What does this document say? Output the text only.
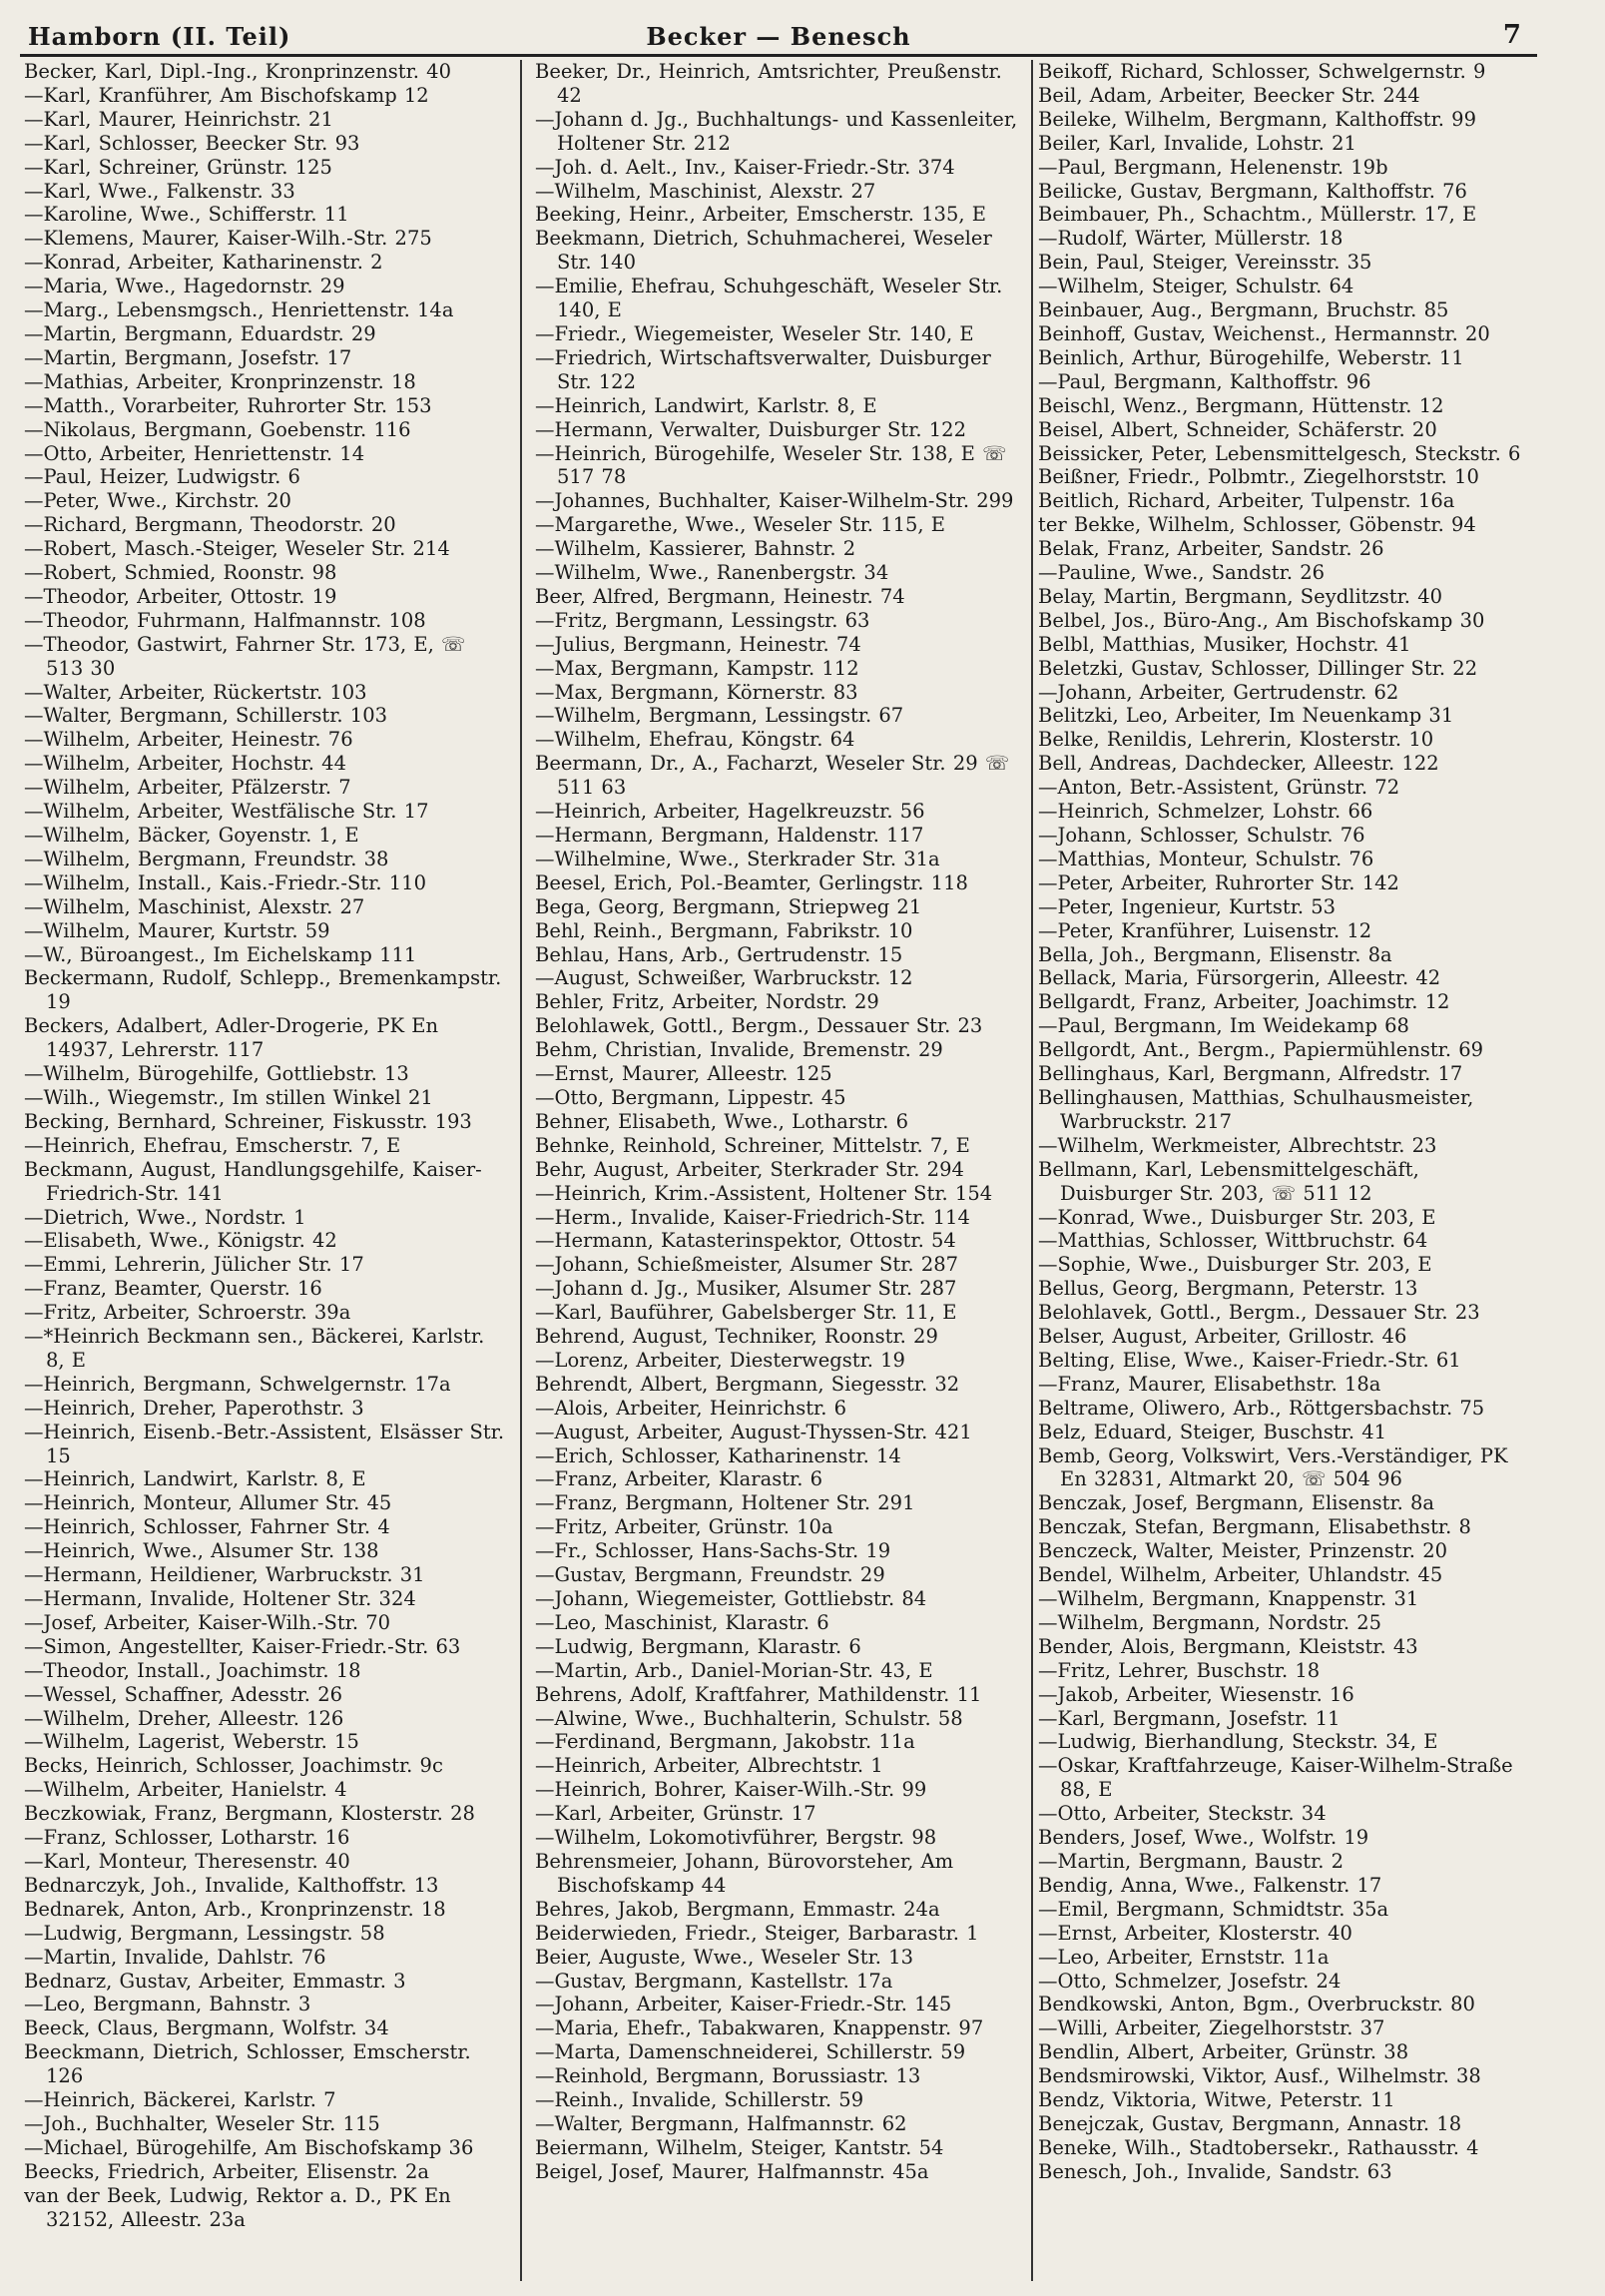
Hamborn (II. Teil)	Becker — Benesch	7
Becker, Karl, Dipl.-Ing., Kronprinzenstr. 40
—Karl, Kranführer, Am Bischofskamp 12
—Karl, Maurer, Heinrichstr. 21
—Karl, Schlosser, Beecker Str. 93
—Karl, Schreiner, Grünstr. 125
—Karl, Wwe., Falkenstr. 33
—Karoline, Wwe., Schifferstr. 11
—Klemens, Maurer, Kaiser-Wilh.-Str. 275
—Konrad, Arbeiter, Katharinenstr. 2
—Maria, Wwe., Hagedornstr. 29
—Marg., Lebensmgsch., Henriettenstr. 14a
—Martin, Bergmann, Eduardstr. 29
—Martin, Bergmann, Josefstr. 17
—Mathias, Arbeiter, Kronprinzenstr. 18
—Matth., Vorarbeiter, Ruhrorter Str. 153
—Nikolaus, Bergmann, Goebenstr. 116
—Otto, Arbeiter, Henriettenstr. 14
—Paul, Heizer, Ludwigstr. 6
—Peter, Wwe., Kirchstr. 20
—Richard, Bergmann, Theodorstr. 20
—Robert, Masch.-Steiger, Weseler Str. 214
—Robert, Schmied, Roonstr. 98
—Theodor, Arbeiter, Ottostr. 19
—Theodor, Fuhrmann, Halfmannstr. 108
—Theodor, Gastwirt, Fahrner Str. 173, E, ☏ 513 30
—Walter, Arbeiter, Rückertstr. 103
—Walter, Bergmann, Schillerstr. 103
—Wilhelm, Arbeiter, Heinestr. 76
—Wilhelm, Arbeiter, Hochstr. 44
—Wilhelm, Arbeiter, Pfälzerstr. 7
—Wilhelm, Arbeiter, Westfälische Str. 17
—Wilhelm, Bäcker, Goyenstr. 1, E
—Wilhelm, Bergmann, Freundstr. 38
—Wilhelm, Install., Kais.-Friedr.-Str. 110
—Wilhelm, Maschinist, Alexstr. 27
—Wilhelm, Maurer, Kurtstr. 59
—W., Büroangest., Im Eichelskamp 111
Beckermann, Rudolf, Schlepp., Bremenkampstr. 19
Beckers, Adalbert, Adler-Drogerie, PK En 14937, Lehrerstr. 117
—Wilhelm, Bürogehilfe, Gottliebstr. 13
—Wilh., Wiegemstr., Im stillen Winkel 21
Becking, Bernhard, Schreiner, Fiskusstr. 193
—Heinrich, Ehefrau, Emscherstr. 7, E
Beckmann, August, Handlungsgehilfe, Kaiser-Friedrich-Str. 141
—Dietrich, Wwe., Nordstr. 1
—Elisabeth, Wwe., Königstr. 42
—Emmi, Lehrerin, Jülicher Str. 17
—Franz, Beamter, Querstr. 16
—Fritz, Arbeiter, Schroerstr. 39a
—*Heinrich Beckmann sen., Bäckerei, Karlstr. 8, E
—Heinrich, Bergmann, Schwelgernstr. 17a
—Heinrich, Dreher, Paperothstr. 3
—Heinrich, Eisenb.-Betr.-Assistent, Elsässer Str. 15
—Heinrich, Landwirt, Karlstr. 8, E
—Heinrich, Monteur, Allumer Str. 45
—Heinrich, Schlosser, Fahrner Str. 4
—Heinrich, Wwe., Alsumer Str. 138
—Hermann, Heildiener, Warbruckstr. 31
—Hermann, Invalide, Holtener Str. 324
—Josef, Arbeiter, Kaiser-Wilh.-Str. 70
—Simon, Angestellter, Kaiser-Friedr.-Str. 63
—Theodor, Install., Joachimstr. 18
—Wessel, Schaffner, Adesstr. 26
—Wilhelm, Dreher, Alleestr. 126
—Wilhelm, Lagerist, Weberstr. 15
Becks, Heinrich, Schlosser, Joachimstr. 9c
—Wilhelm, Arbeiter, Hanielstr. 4
Beczkowiak, Franz, Bergmann, Klosterstr. 28
—Franz, Schlosser, Lotharstr. 16
—Karl, Monteur, Theresenstr. 40
Bednarczyk, Joh., Invalide, Kalthoffstr. 13
Bednarek, Anton, Arb., Kronprinzenstr. 18
—Ludwig, Bergmann, Lessingstr. 58
—Martin, Invalide, Dahlstr. 76
Bednarz, Gustav, Arbeiter, Emmastr. 3
—Leo, Bergmann, Bahnstr. 3
Beeck, Claus, Bergmann, Wolfstr. 34
Beeckmann, Dietrich, Schlosser, Emscherstr. 126
—Heinrich, Bäckerei, Karlstr. 7
—Joh., Buchhalter, Weseler Str. 115
—Michael, Bürogehilfe, Am Bischofskamp 36
Beecks, Friedrich, Arbeiter, Elisenstr. 2a
van der Beek, Ludwig, Rektor a. D., PK En 32152, Alleestr. 23a
Beeker, Dr., Heinrich, Amtsrichter, Preußenstr. 42
—Johann d. Jg., Buchhaltungs- und Kassenleiter, Holtener Str. 212
—Joh. d. Aelt., Inv., Kaiser-Friedr.-Str. 374
—Wilhelm, Maschinist, Alexstr. 27
Beeking, Heinr., Arbeiter, Emscherstr. 135, E
Beekmann, Dietrich, Schuhmacherei, Weseler Str. 140
—Emilie, Ehefrau, Schuhgeschäft, Weseler Str. 140, E
—Friedr., Wiegemeister, Weseler Str. 140, E
—Friedrich, Wirtschaftsverwalter, Duisburger Str. 122
—Heinrich, Landwirt, Karlstr. 8, E
—Hermann, Verwalter, Duisburger Str. 122
—Heinrich, Bürogehilfe, Weseler Str. 138, E ☏ 517 78
—Johannes, Buchhalter, Kaiser-Wilhelm-Str. 299
—Margarethe, Wwe., Weseler Str. 115, E
—Wilhelm, Kassierer, Bahnstr. 2
—Wilhelm, Wwe., Ranenbergstr. 34
Beer, Alfred, Bergmann, Heinestr. 74
—Fritz, Bergmann, Lessingstr. 63
—Julius, Bergmann, Heinestr. 74
—Max, Bergmann, Kampstr. 112
—Max, Bergmann, Körnerstr. 83
—Wilhelm, Bergmann, Lessingstr. 67
—Wilhelm, Ehefrau, Köngstr. 64
Beermann, Dr., A., Facharzt, Weseler Str. 29 ☏ 511 63
—Heinrich, Arbeiter, Hagelkreuzstr. 56
—Hermann, Bergmann, Haldenstr. 117
—Wilhelmine, Wwe., Sterkrader Str. 31a
Beesel, Erich, Pol.-Beamter, Gerlingstr. 118
Bega, Georg, Bergmann, Striepweg 21
Behl, Reinh., Bergmann, Fabrikstr. 10
Behlau, Hans, Arb., Gertrudenstr. 15
—August, Schweißer, Warbruckstr. 12
Behler, Fritz, Arbeiter, Nordstr. 29
Belohlawek, Gottl., Bergm., Dessauer Str. 23
Behm, Christian, Invalide, Bremenstr. 29
—Ernst, Maurer, Alleestr. 125
—Otto, Bergmann, Lippestr. 45
Behner, Elisabeth, Wwe., Lotharstr. 6
Behnke, Reinhold, Schreiner, Mittelstr. 7, E
Behr, August, Arbeiter, Sterkrader Str. 294
—Heinrich, Krim.-Assistent, Holtener Str. 154
—Herm., Invalide, Kaiser-Friedrich-Str. 114
—Hermann, Katasterinspektor, Ottostr. 54
—Johann, Schießmeister, Alsumer Str. 287
—Johann d. Jg., Musiker, Alsumer Str. 287
—Karl, Bauführer, Gabelsberger Str. 11, E
Behrend, August, Techniker, Roonstr. 29
—Lorenz, Arbeiter, Diesterwegstr. 19
Behrendt, Albert, Bergmann, Siegesstr. 32
—Alois, Arbeiter, Heinrichstr. 6
—August, Arbeiter, August-Thyssen-Str. 421
—Erich, Schlosser, Katharinenstr. 14
—Franz, Arbeiter, Klarastr. 6
—Franz, Bergmann, Holtener Str. 291
—Fritz, Arbeiter, Grünstr. 10a
—Fr., Schlosser, Hans-Sachs-Str. 19
—Gustav, Bergmann, Freundstr. 29
—Johann, Wiegemeister, Gottliebstr. 84
—Leo, Maschinist, Klarastr. 6
—Ludwig, Bergmann, Klarastr. 6
—Martin, Arb., Daniel-Morian-Str. 43, E
Behrens, Adolf, Kraftfahrer, Mathildenstr. 11
—Alwine, Wwe., Buchhalterin, Schulstr. 58
—Ferdinand, Bergmann, Jakobstr. 11a
—Heinrich, Arbeiter, Albrechtstr. 1
—Heinrich, Bohrer, Kaiser-Wilh.-Str. 99
—Karl, Arbeiter, Grünstr. 17
—Wilhelm, Lokomotivführer, Bergstr. 98
Behrensmeier, Johann, Bürovorsteher, Am Bischofskamp 44
Behres, Jakob, Bergmann, Emmastr. 24a
Beiderwieden, Friedr., Steiger, Barbarastr. 1
Beier, Auguste, Wwe., Weseler Str. 13
—Gustav, Bergmann, Kastellstr. 17a
—Johann, Arbeiter, Kaiser-Friedr.-Str. 145
—Maria, Ehefr., Tabakwaren, Knappenstr. 97
—Marta, Damenschneiderei, Schillerstr. 59
—Reinhold, Bergmann, Borussiastr. 13
—Reinh., Invalide, Schillerstr. 59
—Walter, Bergmann, Halfmannstr. 62
Beiermann, Wilhelm, Steiger, Kantstr. 54
Beigel, Josef, Maurer, Halfmannstr. 45a
Beikoff, Richard, Schlosser, Schwelgernstr. 9
Beil, Adam, Arbeiter, Beecker Str. 244
Beileke, Wilhelm, Bergmann, Kalthoffstr. 99
Beiler, Karl, Invalide, Lohstr. 21
—Paul, Bergmann, Helenenstr. 19b
Beilicke, Gustav, Bergmann, Kalthoffstr. 76
Beimbauer, Ph., Schachtm., Müllerstr. 17, E
—Rudolf, Wärter, Müllerstr. 18
Bein, Paul, Steiger, Vereinsstr. 35
—Wilhelm, Steiger, Schulstr. 64
Beinbauer, Aug., Bergmann, Bruchstr. 85
Beinhoff, Gustav, Weichenst., Hermannstr. 20
Beinlich, Arthur, Bürogehilfe, Weberstr. 11
—Paul, Bergmann, Kalthoffstr. 96
Beischl, Wenz., Bergmann, Hüttenstr. 12
Beisel, Albert, Schneider, Schäferstr. 20
Beissicker, Peter, Lebensmittelgesch, Steckstr. 6
Beißner, Friedr., Polbmtr., Ziegelhorststr. 10
Beitlich, Richard, Arbeiter, Tulpenstr. 16a
ter Bekke, Wilhelm, Schlosser, Göbenstr. 94
Belak, Franz, Arbeiter, Sandstr. 26
—Pauline, Wwe., Sandstr. 26
Belay, Martin, Bergmann, Seydlitzstr. 40
Belbel, Jos., Büro-Ang., Am Bischofskamp 30
Belbl, Matthias, Musiker, Hochstr. 41
Beletzki, Gustav, Schlosser, Dillinger Str. 22
—Johann, Arbeiter, Gertrudenstr. 62
Belitzki, Leo, Arbeiter, Im Neuenkamp 31
Belke, Renildis, Lehrerin, Klosterstr. 10
Bell, Andreas, Dachdecker, Alleestr. 122
—Anton, Betr.-Assistent, Grünstr. 72
—Heinrich, Schmelzer, Lohstr. 66
—Johann, Schlosser, Schulstr. 76
—Matthias, Monteur, Schulstr. 76
—Peter, Arbeiter, Ruhrorter Str. 142
—Peter, Ingenieur, Kurtstr. 53
—Peter, Kranführer, Luisenstr. 12
Bella, Joh., Bergmann, Elisenstr. 8a
Bellack, Maria, Fürsorgerin, Alleestr. 42
Bellgardt, Franz, Arbeiter, Joachimstr. 12
—Paul, Bergmann, Im Weidekamp 68
Bellgordt, Ant., Bergm., Papiermühlenstr. 69
Bellinghaus, Karl, Bergmann, Alfredstr. 17
Bellinghausen, Matthias, Schulhausmeister, Warbruckstr. 217
—Wilhelm, Werkmeister, Albrechtstr. 23
Bellmann, Karl, Lebensmittelgeschäft, Duisburger Str. 203, ☏ 511 12
—Konrad, Wwe., Duisburger Str. 203, E
—Matthias, Schlosser, Wittbruchstr. 64
—Sophie, Wwe., Duisburger Str. 203, E
Bellus, Georg, Bergmann, Peterstr. 13
Belohlavek, Gottl., Bergm., Dessauer Str. 23
Belser, August, Arbeiter, Grillostr. 46
Belting, Elise, Wwe., Kaiser-Friedr.-Str. 61
—Franz, Maurer, Elisabethstr. 18a
Beltrame, Oliwero, Arb., Röttgersbachstr. 75
Belz, Eduard, Steiger, Buschstr. 41
Bemb, Georg, Volkswirt, Vers.-Verständiger, PK En 32831, Altmarkt 20, ☏ 504 96
Benczak, Josef, Bergmann, Elisenstr. 8a
Benczak, Stefan, Bergmann, Elisabethstr. 8
Benczeck, Walter, Meister, Prinzenstr. 20
Bendel, Wilhelm, Arbeiter, Uhlandstr. 45
—Wilhelm, Bergmann, Knappenstr. 31
—Wilhelm, Bergmann, Nordstr. 25
Bender, Alois, Bergmann, Kleiststr. 43
—Fritz, Lehrer, Buschstr. 18
—Jakob, Arbeiter, Wiesenstr. 16
—Karl, Bergmann, Josefstr. 11
—Ludwig, Bierhandlung, Steckstr. 34, E
—Oskar, Kraftfahrzeuge, Kaiser-Wilhelm-Straße 88, E
—Otto, Arbeiter, Steckstr. 34
Benders, Josef, Wwe., Wolfstr. 19
—Martin, Bergmann, Baustr. 2
Bendig, Anna, Wwe., Falkenstr. 17
—Emil, Bergmann, Schmidtstr. 35a
—Ernst, Arbeiter, Klosterstr. 40
—Leo, Arbeiter, Ernststr. 11a
—Otto, Schmelzer, Josefstr. 24
Bendkowski, Anton, Bgm., Overbruckstr. 80
—Willi, Arbeiter, Ziegelhorststr. 37
Bendlin, Albert, Arbeiter, Grünstr. 38
Bendsmirowski, Viktor, Ausf., Wilhelmstr. 38
Bendz, Viktoria, Witwe, Peterstr. 11
Benejczak, Gustav, Bergmann, Annastr. 18
Beneke, Wilh., Stadtobersekr., Rathausstr. 4
Benesch, Joh., Invalide, Sandstr. 63
